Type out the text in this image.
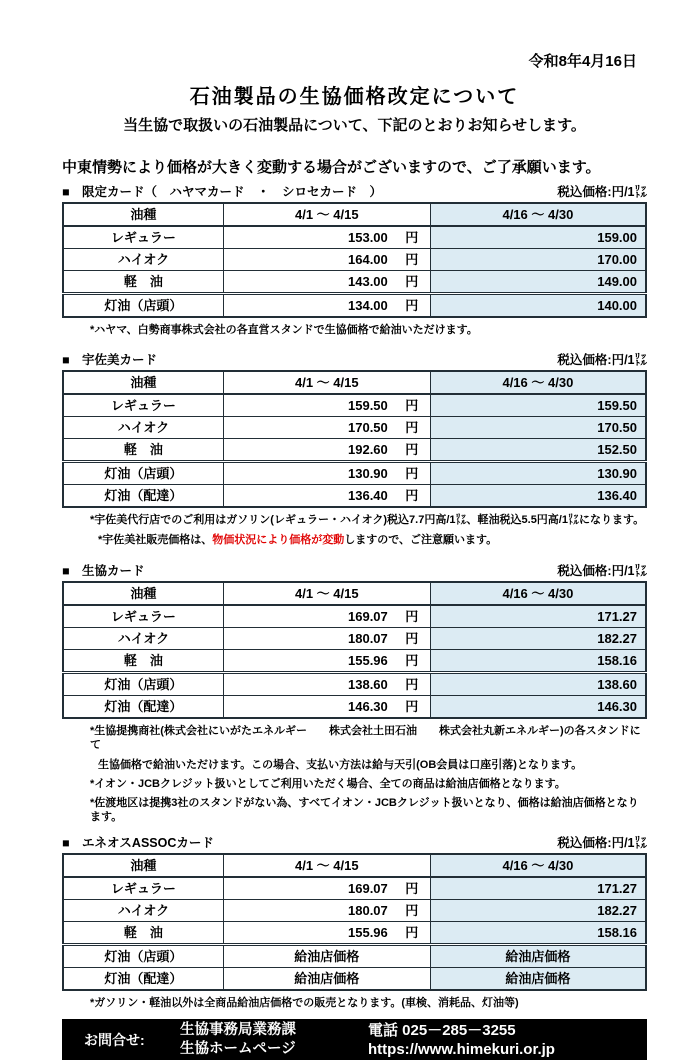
令和8年4月16日
石油製品の生協価格改定について
当生協で取扱いの石油製品について、下記のとおりお知らせします。
中東情勢により価格が大きく変動する場合がございますので、ご了承願います。
■　限定カード（　ハヤマカード　・　シロセカード　）	税込価格:円/1㍑
油種	4/1 ～ 4/15	4/16 ～ 4/30
レギュラー	153.00 円	159.00
ハイオク	164.00 円	170.00
軽　油	143.00 円	149.00
灯油（店頭）	134.00 円	140.00
*ハヤマ、白勢商事株式会社の各直営スタンドで生協価格で給油いただけます。
■　宇佐美カード	税込価格:円/1㍑
油種	4/1 ～ 4/15	4/16 ～ 4/30
レギュラー	159.50 円	159.50
ハイオク	170.50 円	170.50
軽　油	192.60 円	152.50
灯油（店頭）	130.90 円	130.90
灯油（配達）	136.40 円	136.40
*宇佐美代行店でのご利用はガソリン(レギュラー・ハイオク)税込7.7円高/1㍑、軽油税込5.5円高/1㍑になります。
*宇佐美社販売価格は、物価状況により価格が変動しますので、ご注意願います。
■　生協カード	税込価格:円/1㍑
油種	4/1 ～ 4/15	4/16 ～ 4/30
レギュラー	169.07 円	171.27
ハイオク	180.07 円	182.27
軽　油	155.96 円	158.16
灯油（店頭）	138.60 円	138.60
灯油（配達）	146.30 円	146.30
*生協提携商社(株式会社にいがたエネルギー　　株式会社土田石油　　株式会社丸新エネルギー)の各スタンドにて
生協価格で給油いただけます。この場合、支払い方法は給与天引(OB会員は口座引落)となります。
*イオン・JCBクレジット扱いとしてご利用いただく場合、全ての商品は給油店価格となります。
*佐渡地区は提携3社のスタンドがない為、すべてイオン・JCBクレジット扱いとなり、価格は給油店価格となります。
■　エネオスASSOCカード	税込価格:円/1㍑
油種	4/1 ～ 4/15	4/16 ～ 4/30
レギュラー	169.07 円	171.27
ハイオク	180.07 円	182.27
軽　油	155.96 円	158.16
灯油（店頭）	給油店価格	給油店価格
灯油（配達）	給油店価格	給油店価格
*ガソリン・軽油以外は全商品給油店価格での販売となります。(車検、消耗品、灯油等)
お問合せ:
生協事務局業務課
生協ホームページ
電話 025－285－3255
https://www.himekuri.or.jp
